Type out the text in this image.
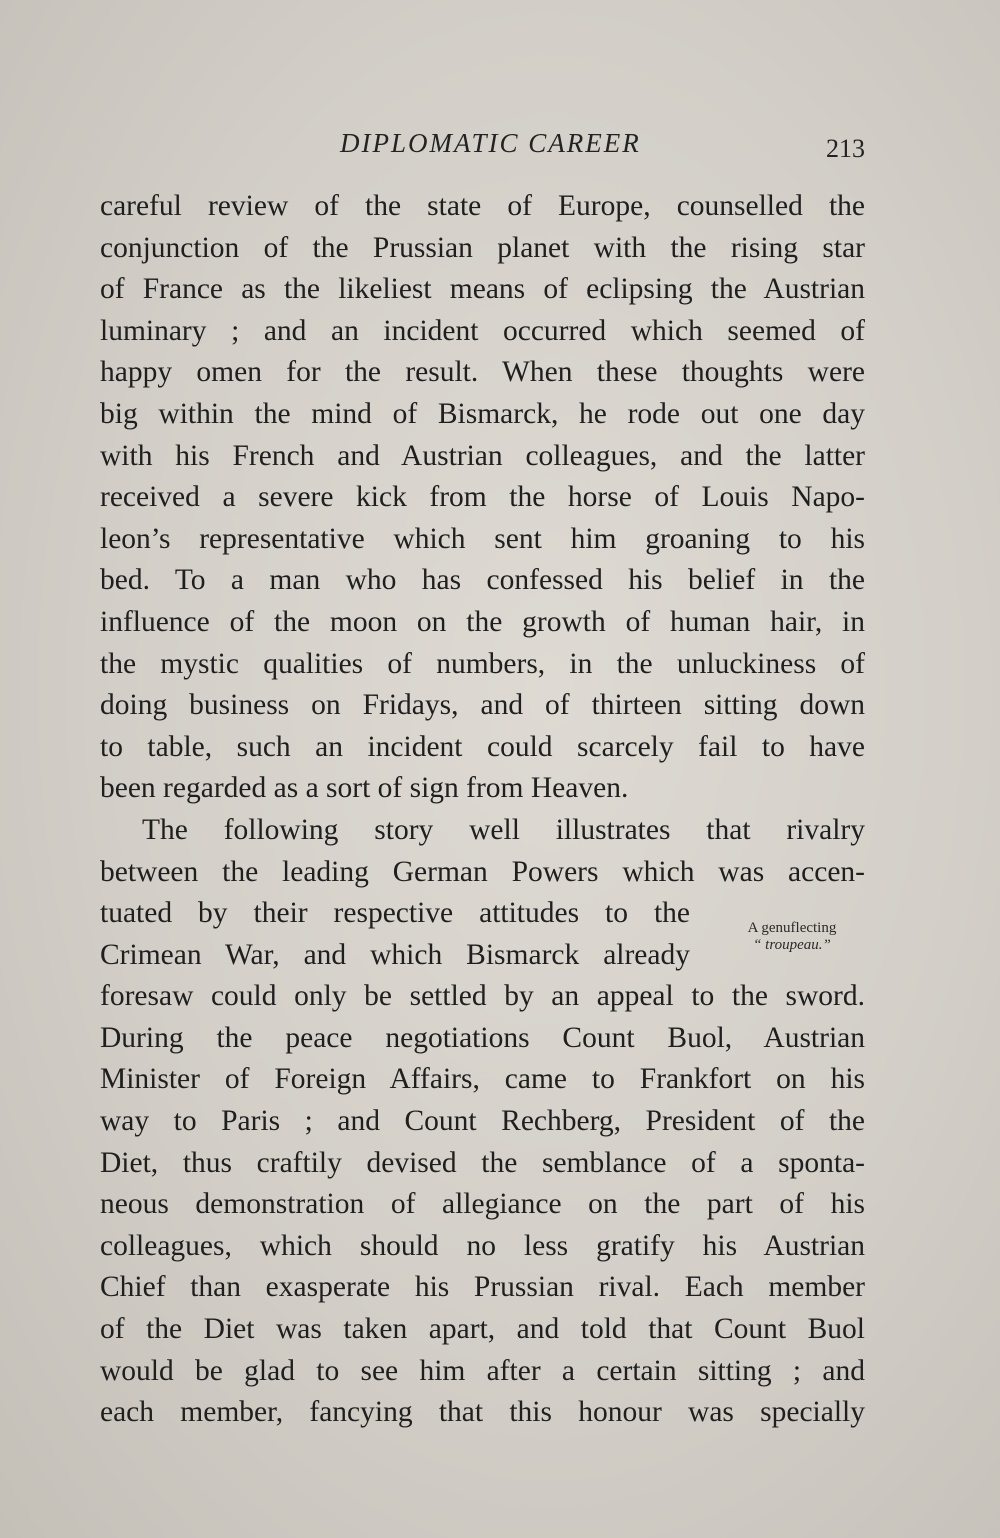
DIPLOMATIC CAREER	213
careful review of the state of Europe, counselled the
conjunction of the Prussian planet with the rising star
of France as the likeliest means of eclipsing the Austrian
luminary ; and an incident occurred which seemed of
happy omen for the result. When these thoughts were
big within the mind of Bismarck, he rode out one day
with his French and Austrian colleagues, and the latter
received a severe kick from the horse of Louis Napo-
leon’s representative which sent him groaning to his
bed. To a man who has confessed his belief in the
influence of the moon on the growth of human hair, in
the mystic qualities of numbers, in the unluckiness of
doing business on Fridays, and of thirteen sitting down
to table, such an incident could scarcely fail to have
been regarded as a sort of sign from Heaven.
The following story well illustrates that rivalry
between the leading German Powers which was accen-
tuated by their respective attitudes to the
Crimean War, and which Bismarck already
foresaw could only be settled by an appeal to the sword.
During the peace negotiations Count Buol, Austrian
Minister of Foreign Affairs, came to Frankfort on his
way to Paris ; and Count Rechberg, President of the
Diet, thus craftily devised the semblance of a sponta-
neous demonstration of allegiance on the part of his
colleagues, which should no less gratify his Austrian
Chief than exasperate his Prussian rival. Each member
of the Diet was taken apart, and told that Count Buol
would be glad to see him after a certain sitting ; and
each member, fancying that this honour was specially
A genuflecting
“ troupeau.”
